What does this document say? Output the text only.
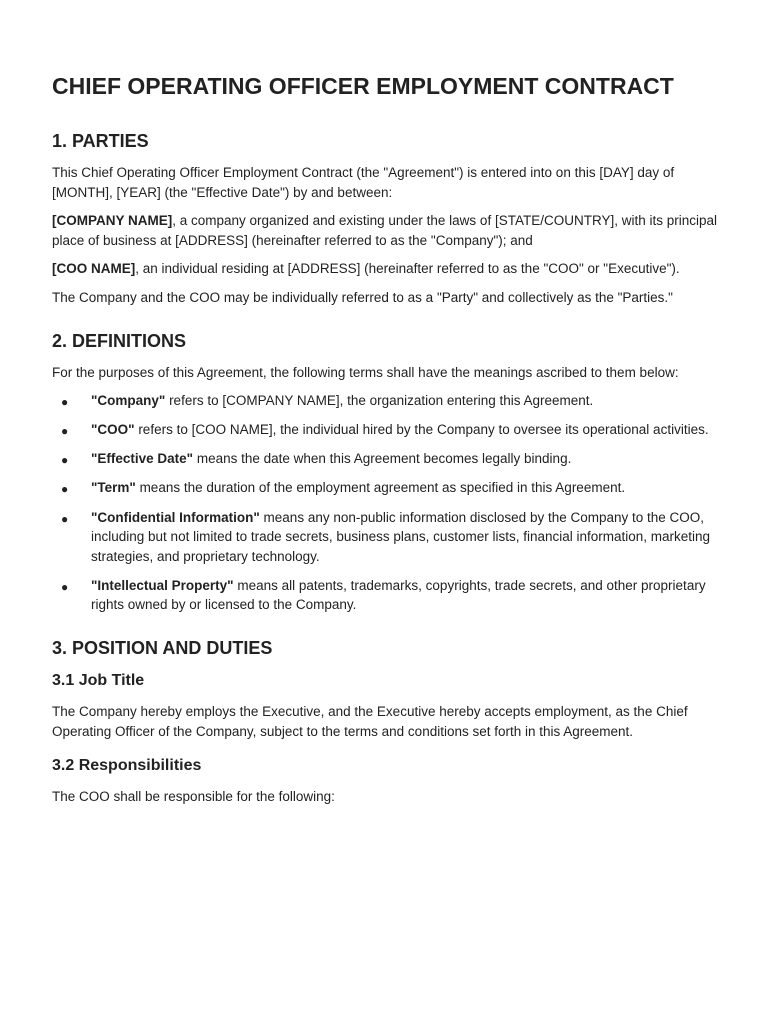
CHIEF OPERATING OFFICER EMPLOYMENT CONTRACT
1. PARTIES

This Chief Operating Officer Employment Contract (the "Agreement") is entered into on this [DAY] day of [MONTH], [YEAR] (the "Effective Date") by and between:

[COMPANY NAME], a company organized and existing under the laws of [STATE/COUNTRY], with its principal place of business at [ADDRESS] (hereinafter referred to as the "Company"); and

[COO NAME], an individual residing at [ADDRESS] (hereinafter referred to as the "COO" or "Executive").

The Company and the COO may be individually referred to as a "Party" and collectively as the "Parties."

2. DEFINITIONS

For the purposes of this Agreement, the following terms shall have the meanings ascribed to them below:

● "Company" refers to [COMPANY NAME], the organization entering this Agreement.
● "COO" refers to [COO NAME], the individual hired by the Company to oversee its operational activities.
● "Effective Date" means the date when this Agreement becomes legally binding.
● "Term" means the duration of the employment agreement as specified in this Agreement.
● "Confidential Information" means any non-public information disclosed by the Company to the COO, including but not limited to trade secrets, business plans, customer lists, financial information, marketing strategies, and proprietary technology.
● "Intellectual Property" means all patents, trademarks, copyrights, trade secrets, and other proprietary rights owned by or licensed to the Company.
3. POSITION AND DUTIES
3.1 Job Title

The Company hereby employs the Executive, and the Executive hereby accepts employment, as the Chief Operating Officer of the Company, subject to the terms and conditions set forth in this Agreement.

3.2 Responsibilities

The COO shall be responsible for the following:
